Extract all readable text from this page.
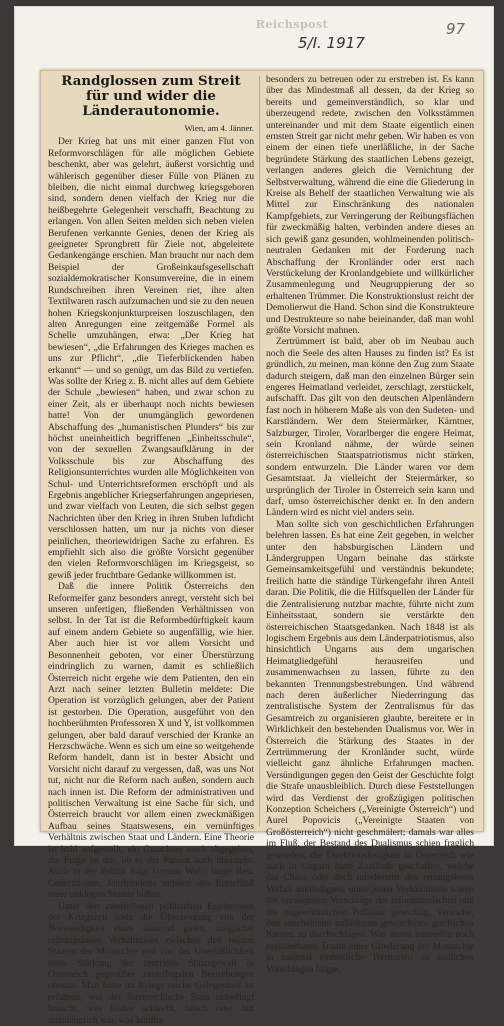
Reichspost	97
5/I. 1917
Randglossen zum Streit für und wider die Länderautonomie.
Wien, am 4. Jänner.

Der Krieg hat uns mit einer ganzen Flut von Reformvorschlägen für alle möglichen Gebiete beschenkt, aber was gelehrt, äußerst vorsichtig und wählerisch gegenüber dieser Fülle von Plänen zu bleiben, die nicht einmal durchweg kriegsgeboren sind, sondern denen vielfach der Krieg nur die heißbegehrte Gelegenheit verschafft, Beachtung zu erlangen. Von allen Seiten melden sich neben vielen Berufenen verkannte Genies, denen der Krieg als geeigneter Sprungbrett für Ziele not, abgeleitete Gedankengänge erschien. Man braucht nur nach dem Beispiel der Großeinkaufsgesellschaft sozialdemokratischer Konsumvereine, die in einem Rundschreiben ihren Vereinen riet, ihre alten Textilwaren rasch aufzumachen und sie zu den neuen hohen Kriegskonjunkturpreisen loszuschlagen, den alten Anregungen eine zeitgemäße Formel als Schelle umzuhängen, etwa: „Der Krieg hat bewiesen“, „die Erfahrungen des Krieges machen es uns zur Pflicht“, „die Tieferblickenden haben erkannt“ — und so genügt, um das Bild zu vertiefen. Was sollte der Krieg z. B. nicht alles auf dem Gebiete der Schule „bewiesen“ haben, und zwar schon zu einer Zeit, als er überhaupt noch nichts bewiesen hatte! Von der unumgänglich gewordenen Abschaffung des „humanistischen Plunders“ bis zur höchst uneinheitlich begriffenen „Einheitsschule“, von der sexuellen Zwangsaufklärung in der Volksschule bis zur Abschaffung des Religionsunterrichtes wurden alle Möglichkeiten von Schul- und Unterrichtsreformen erschöpft und als Ergebnis angeblicher Kriegserfahrungen angepriesen, und zwar vielfach von Leuten, die sich selbst gegen Nachrichten über den Krieg in ihren Stuben luftdicht verschlossen hatten, um nur ja nichts von dieser peinlichen, theoriewidrigen Sache zu erfahren. Es empfiehlt sich also die größte Vorsicht gegenüber den vielen Reformvorschlägen im Kriegsgeist, so gewiß jeder fruchtbare Gedanke willkommen ist.

Daß die innere Politik Österreichs den Reformeifer ganz besonders anregt, versteht sich bei unseren unfertigen, fließenden Verhältnissen von selbst. In der Tat ist die Reformbedürftigkeit kaum auf einem andern Gebiete so augenfällig, wie hier. Aber auch hier ist vor allem Vorsicht und Besonnenheit geboten, vor einer Überstürzung eindringlich zu warnen, damit es schließlich Österreich nicht ergehe wie dem Patienten, den ein Arzt nach seiner letzten Bulletin meldete: Die Operation ist vorzüglich gelungen, aber der Patient ist gestorben. Die Operation, ausgeführt von den hochberühmten Professoren X und Y, ist vollkommen gelungen, aber bald darauf verschied der Kranke an Herzschwäche. Wenn es sich um eine so weitgehende Reform handelt, dann ist in bester Absicht und Vorsicht nicht darauf zu vergessen, daß, was uns Not tut, nicht nur die Reform nach außen, sondern auch nach innen ist. Die Reform der administrativen und politischen Verwaltung ist eine Sache für sich, und Österreich braucht vor allem einen zweckmäßigen Aufbau seines Staatswesens, ein vernünftiges Verhältnis zwischen Staat und Ländern. Eine Theorie ist bald aufgestellt, ein Gutachten rasch abgegeben, die Frage ist nur, ob es der Patient auch übersteht. Auch in der Politik folgt kurzem Wahn lange Reu. Generationen, Jahrhunderte müssen den Entschluß einer unklugen Stunde büßen.

Unter den zweifellosen politischen Ergebnissen der Kriegszeit steht die Überzeugung von der Notwendigkeit eines dauernd guten, möglichst reibungslosen Verhältnisses zwischen den beiden Staaten der Monarchie und von der Unerläßlichkeit einer Stärkung der zentralen Staatsgewalt in Österreich gegenüber zentrifugalen Bestrebungen obenan. Man hatte im Kriege reiche Gelegenheit zu erfahren, was der österreichische Staat unbedingt braucht, was bisher schlecht, falsch oder nur unzulänglich war, was künftig

besonders zu betreuen oder zu erstreben ist. Es kann über das Mindestmaß all dessen, da der Krieg so bereits und gemeinverständlich, so klar und überzeugend redete, zwischen den Volksstämmen untereinander und mit dem Staate eigentlich einen ernsten Streit gar nicht mehr geben. Wir haben es von einem der einen tiefe unerläßliche, in der Sache begründete Stärkung des staatlichen Lebens gezeigt, verlangen anderes gleich die Vernichtung der Selbstverwaltung, während die eine die Gliederung in Kreise als Behelf der staatlichen Verwaltung wie als Mittel zur Einschränkung des nationalen Kampfgebiets, zur Verringerung der Reibungsflächen für zweckmäßig halten, verbinden andere dieses an sich gewiß ganz gesunden, wohlmeinenden politisch-neutralen Gedanken mit der Forderung nach Abschaffung der Kronländer oder erst nach Verstückelung der Kronlandgebiete und willkürlicher Zusammenlegung und Neugruppierung der so erhaltenen Trümmer. Die Konstruktionslust reicht der Demolierwut die Hand. Schon sind die Konstrukteure und Destrukteure so nahe beieinander, daß man wohl größte Vorsicht mahnen.

Zertrümmert ist bald, aber ob im Neubau auch noch die Seele des alten Hauses zu finden ist? Es ist gründlich, zu meinen, man könne den Zug zum Staate dadurch steigern, daß man den einzelnen Bürger sein engeres Heimatland verleidet, zerschlagt, zerstückelt, aufschafft. Das gilt von den deutschen Alpenländern fast noch in höherem Maße als von den Sudeten- und Karstländern. Wer dem Steiermärker, Kärntner, Salzburger, Tiroler, Vorarlberger die engere Heimat, sein Kronland nähme, der würde seinen österreichischen Staatspatriotismus nicht stärken, sondern entwurzeln. Die Länder waren vor dem Gesamtstaat. Ja vielleicht der Steiermärker, so ursprünglich der Tiroler in Österreich sein kann und darf, umso österreichischer denkt er. In den andern Ländern wird es nicht viel anders sein.

Man sollte sich von geschichtlichen Erfahrungen belehren lassen. Es hat eine Zeit gegeben, in welcher unter den habsburgischen Ländern und Ländergruppen Ungarn beinahe das stärkste Gemeinsamkeitsgefühl und verständnis bekundete; freilich hatte die ständige Türkengefahr ihren Anteil daran. Die Politik, die die Hilfsquellen der Länder für die Zentralisierung nutzbar machte, führte nicht zum Einheitsstaat, sondern sie verstärkte den österreichischen Staatsgedanken. Nach 1848 ist als logischem Ergebnis aus dem Länderpatriotismus, also hinsichtlich Ungarns aus dem ungarischen Heimatgliedgefühl herausreifen und zusammenwachsen zu lassen, führte zu den bekannten Trennungsbestrebungen. Und während nach deren äußerlicher Niederringung das zentralistische System der Zentralismus für das Gesamtreich zu organisieren glaubte, bereitete er in Wirklichkeit den bestehenden Dualismus vor. Wer in Österreich die Stärkung des Staates in der Zertrümmerung der Kronländer sucht, würde vielleicht ganz ähnliche Erfahrungen machen. Versündigungen gegen den Geist der Geschichte folgt die Strafe unausbleiblich. Durch diese Feststellungen wird das Verdienst der großzügigen politischen Konzeption Scheichers („Vereinigte Österreich“) und Aurel Popovicis („Vereinigte Staaten von Großösterreich“) nicht geschmälert; damals war alles im Fluß, der Bestand des Dualismus schien fraglich geworden, die Direktionslosigkeit in Österreich wie auch in Ungarn hatte Zustände geschaffen, welche das Chaos oder doch mindestens den rettungslosen Verfall ankündigten; unter jenen Verhältnissen waren die verwegenen Vorschläge der reformatorischen und die ungewöhnlichen Politiker gewichtig, Versuche, den anscheinend unlösbaren gewordenen gordischen Knoten zu durchschlagen. Was ihrem immerhin noch realisierbaren Traum einer Gliederung der Monarchie in national einheitliche Territorien an ähnlichen Vorschlägen folgte,
